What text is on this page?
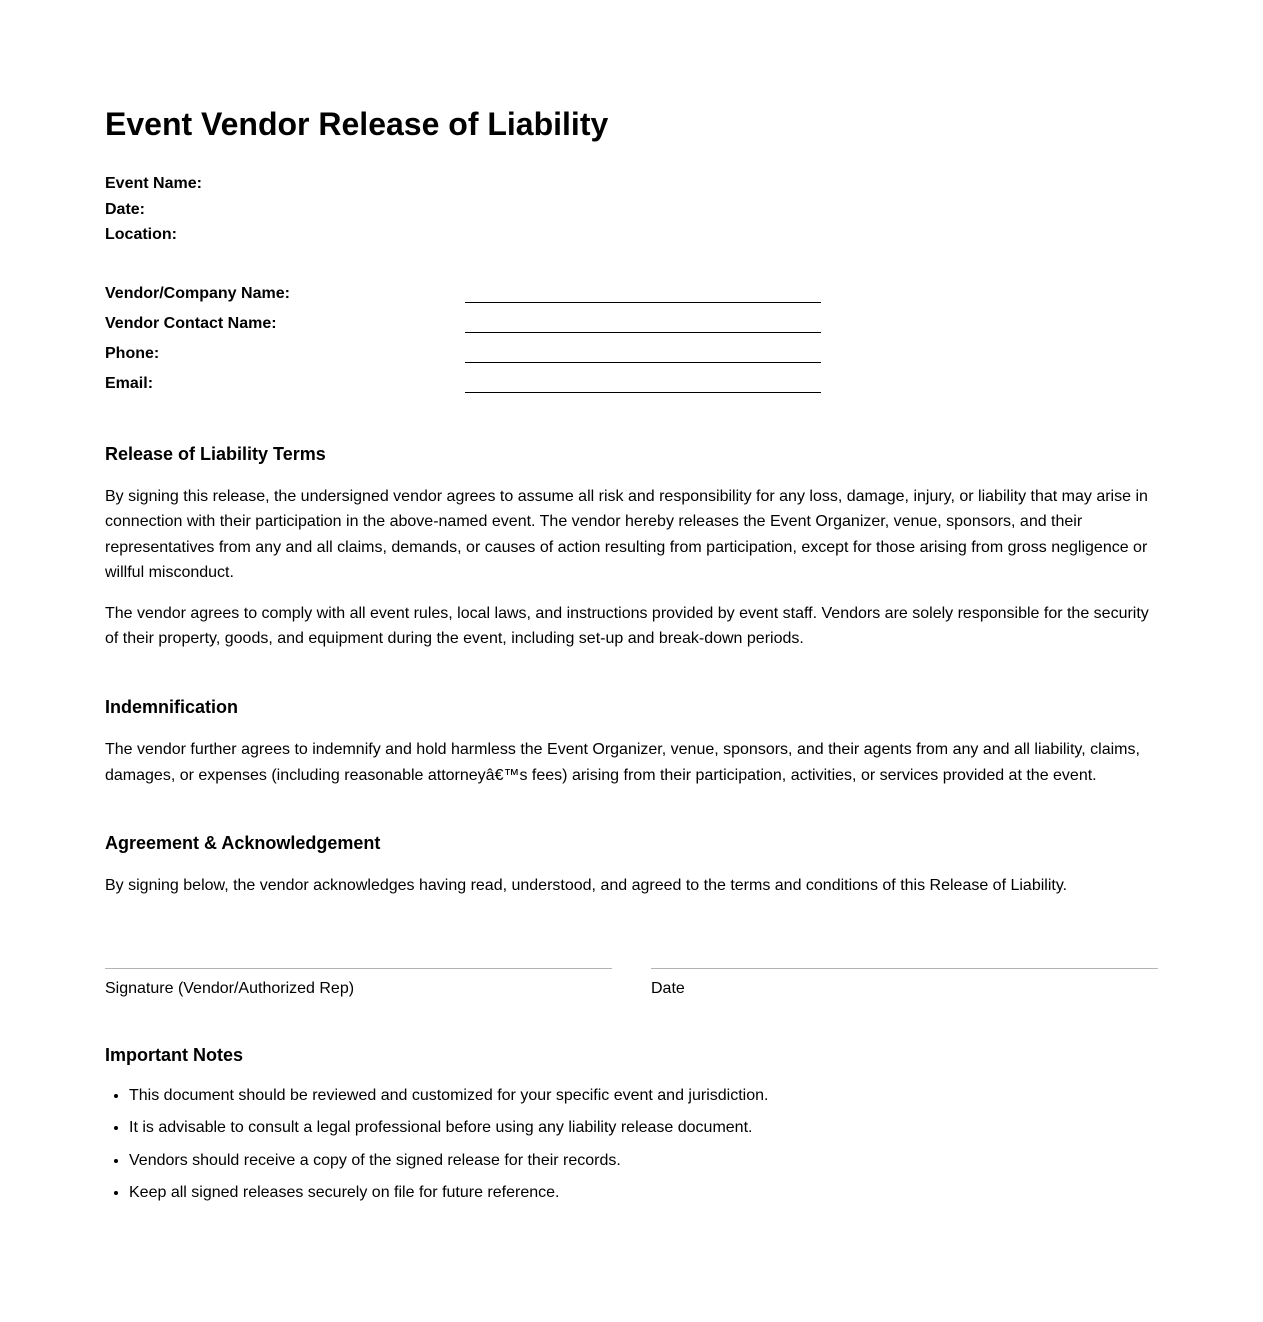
Event Vendor Release of Liability
Event Name:
Date:
Location:
Vendor/Company Name:
Vendor Contact Name:
Phone:
Email:
Release of Liability Terms

By signing this release, the undersigned vendor agrees to assume all risk and responsibility for any loss, damage, injury, or liability that may arise in connection with their participation in the above-named event. The vendor hereby releases the Event Organizer, venue, sponsors, and their representatives from any and all claims, demands, or causes of action resulting from participation, except for those arising from gross negligence or willful misconduct.

The vendor agrees to comply with all event rules, local laws, and instructions provided by event staff. Vendors are solely responsible for the security of their property, goods, and equipment during the event, including set-up and break-down periods.

Indemnification

The vendor further agrees to indemnify and hold harmless the Event Organizer, venue, sponsors, and their agents from any and all liability, claims, damages, or expenses (including reasonable attorneyâ€™s fees) arising from their participation, activities, or services provided at the event.

Agreement & Acknowledgement

By signing below, the vendor acknowledges having read, understood, and agreed to the terms and conditions of this Release of Liability.

Signature (Vendor/Authorized Rep)	Date
Important Notes
• This document should be reviewed and customized for your specific event and jurisdiction.
• It is advisable to consult a legal professional before using any liability release document.
• Vendors should receive a copy of the signed release for their records.
• Keep all signed releases securely on file for future reference.
